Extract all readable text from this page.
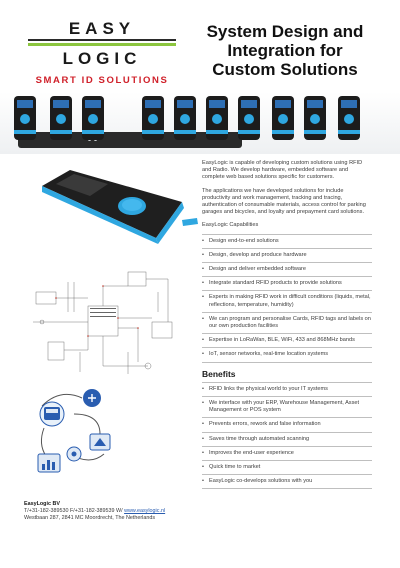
EASY
LOGIC
SMART ID SOLUTIONS
System Design and Integration for Custom Solutions

EasyLogic is capable of developing custom solutions using RFID and Radio. We develop hardware, embedded software and complete web based solutions specific for customers.

The applications we have developed solutions for include productivity and work management, tracking and tracing, authentication of consumable materials, access control for parking garages and bicycles, and loyalty and prepayment card solutions.

EasyLogic Capabilities

• Design end-to-end solutions
• Design, develop and produce hardware
• Design and deliver embedded software
• Integrate standard RFID products to provide solutions
• Experts in making RFID work in difficult conditions (liquids, metal, reflections, temperature, humidity)
• We can program and personalise Cards, RFID tags and labels on our own production facilities
• Expertise in LoRaWan, BLE, WiFi, 433 and 868MHz bands
• IoT, sensor networks, real-time location systems
Benefits
• RFID links the physical world to your IT systems
• We interface with your ERP, Warehouse Management, Asset Management or POS system
• Prevents errors, rework and false information
• Saves time through automated scanning
• Improves the end-user experience
• Quick time to market
• EasyLogic co-develops solutions with you
EasyLogic BV
T/+31-182-389530 F/+31-182-389539 W/ www.easylogic.nl
Westbaan 287, 2841 MC Moordrecht, The Netherlands
